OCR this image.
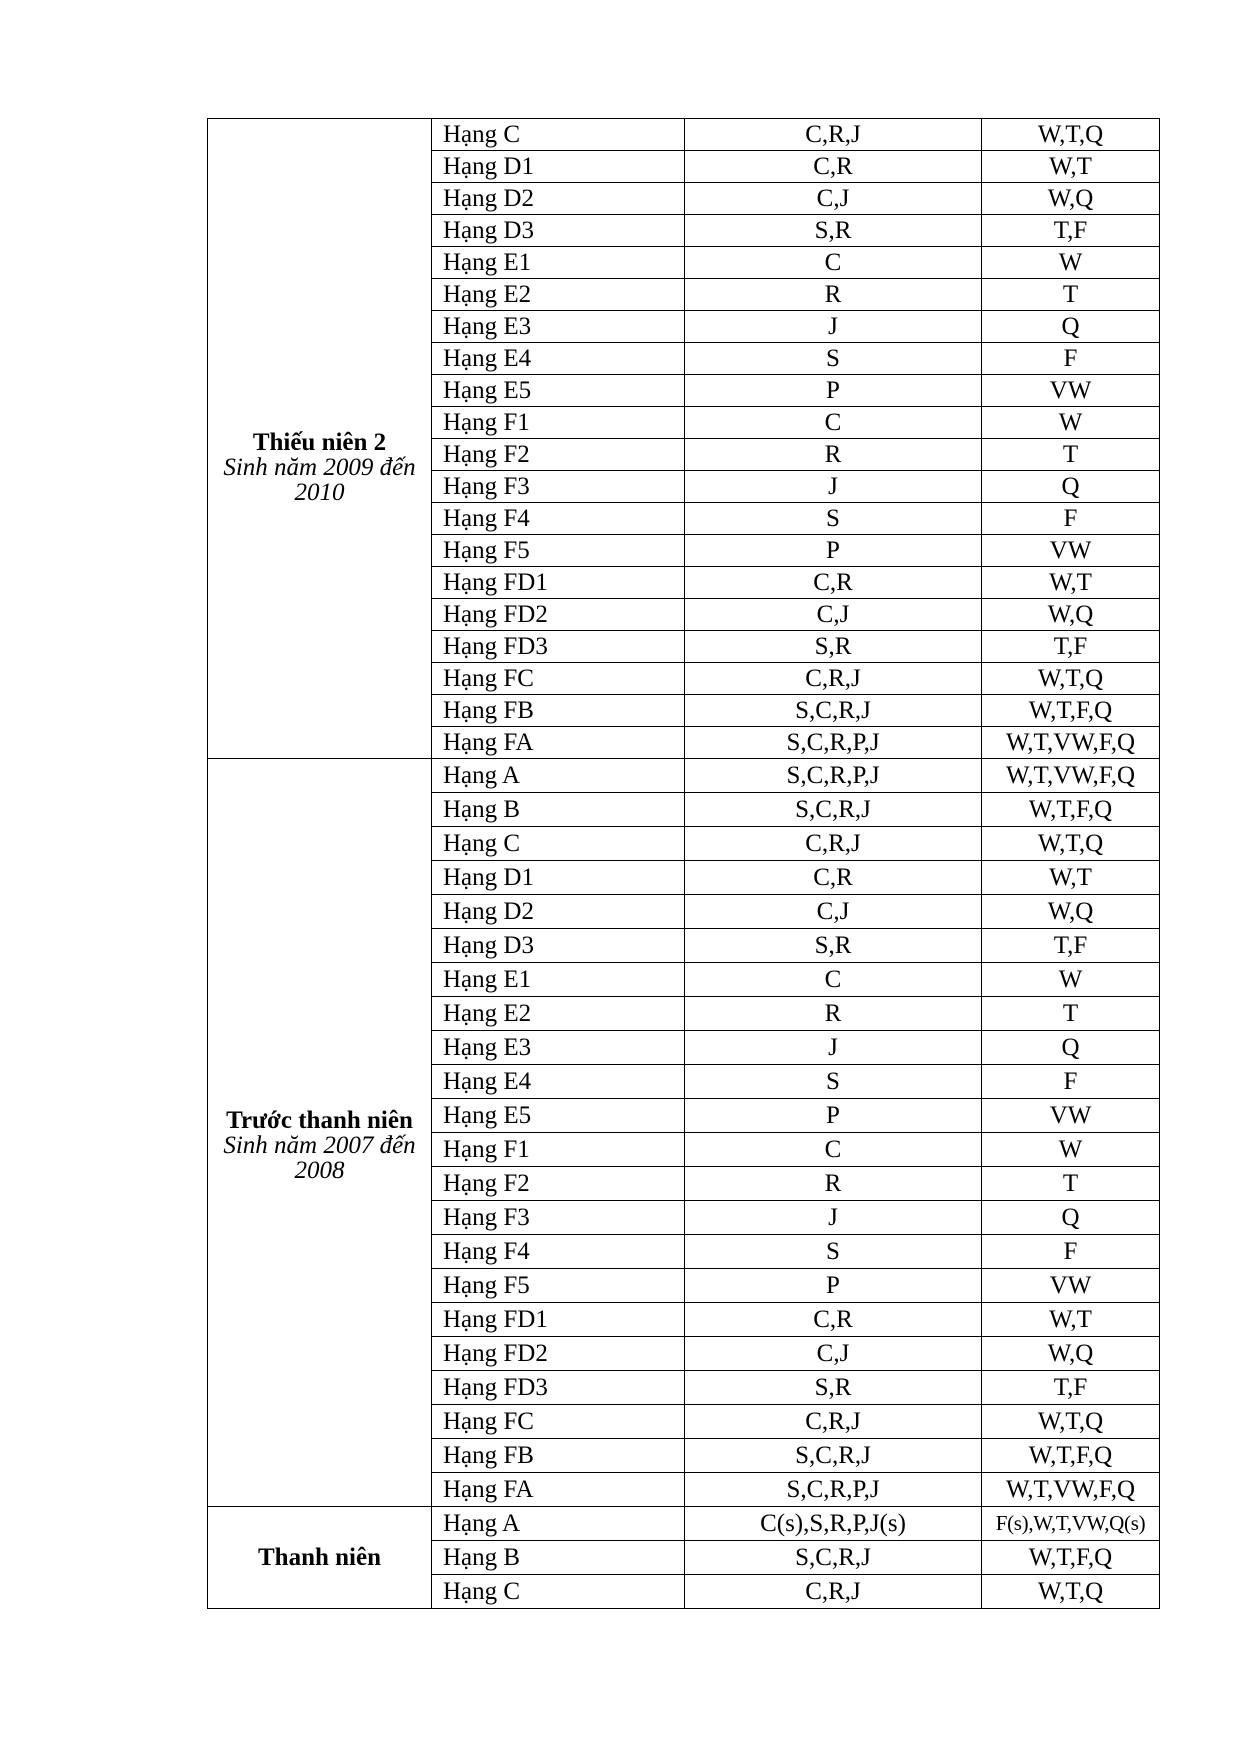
Thiếu niên 2
Sinh năm 2009 đến 2010	Hạng C	C,R,J	W,T,Q
	Hạng D1	C,R	W,T
	Hạng D2	C,J	W,Q
	Hạng D3	S,R	T,F
	Hạng E1	C	W
	Hạng E2	R	T
	Hạng E3	J	Q
	Hạng E4	S	F
	Hạng E5	P	VW
	Hạng F1	C	W
	Hạng F2	R	T
	Hạng F3	J	Q
	Hạng F4	S	F
	Hạng F5	P	VW
	Hạng FD1	C,R	W,T
	Hạng FD2	C,J	W,Q
	Hạng FD3	S,R	T,F
	Hạng FC	C,R,J	W,T,Q
	Hạng FB	S,C,R,J	W,T,F,Q
	Hạng FA	S,C,R,P,J	W,T,VW,F,Q

Trước thanh niên
Sinh năm 2007 đến 2008	Hạng A	S,C,R,P,J	W,T,VW,F,Q
	Hạng B	S,C,R,J	W,T,F,Q
	Hạng C	C,R,J	W,T,Q
	Hạng D1	C,R	W,T
	Hạng D2	C,J	W,Q
	Hạng D3	S,R	T,F
	Hạng E1	C	W
	Hạng E2	R	T
	Hạng E3	J	Q
	Hạng E4	S	F
	Hạng E5	P	VW
	Hạng F1	C	W
	Hạng F2	R	T
	Hạng F3	J	Q
	Hạng F4	S	F
	Hạng F5	P	VW
	Hạng FD1	C,R	W,T
	Hạng FD2	C,J	W,Q
	Hạng FD3	S,R	T,F
	Hạng FC	C,R,J	W,T,Q
	Hạng FB	S,C,R,J	W,T,F,Q
	Hạng FA	S,C,R,P,J	W,T,VW,F,Q

Thanh niên	Hạng A	C(s),S,R,P,J(s)	F(s),W,T,VW,Q(s)
	Hạng B	S,C,R,J	W,T,F,Q
	Hạng C	C,R,J	W,T,Q
